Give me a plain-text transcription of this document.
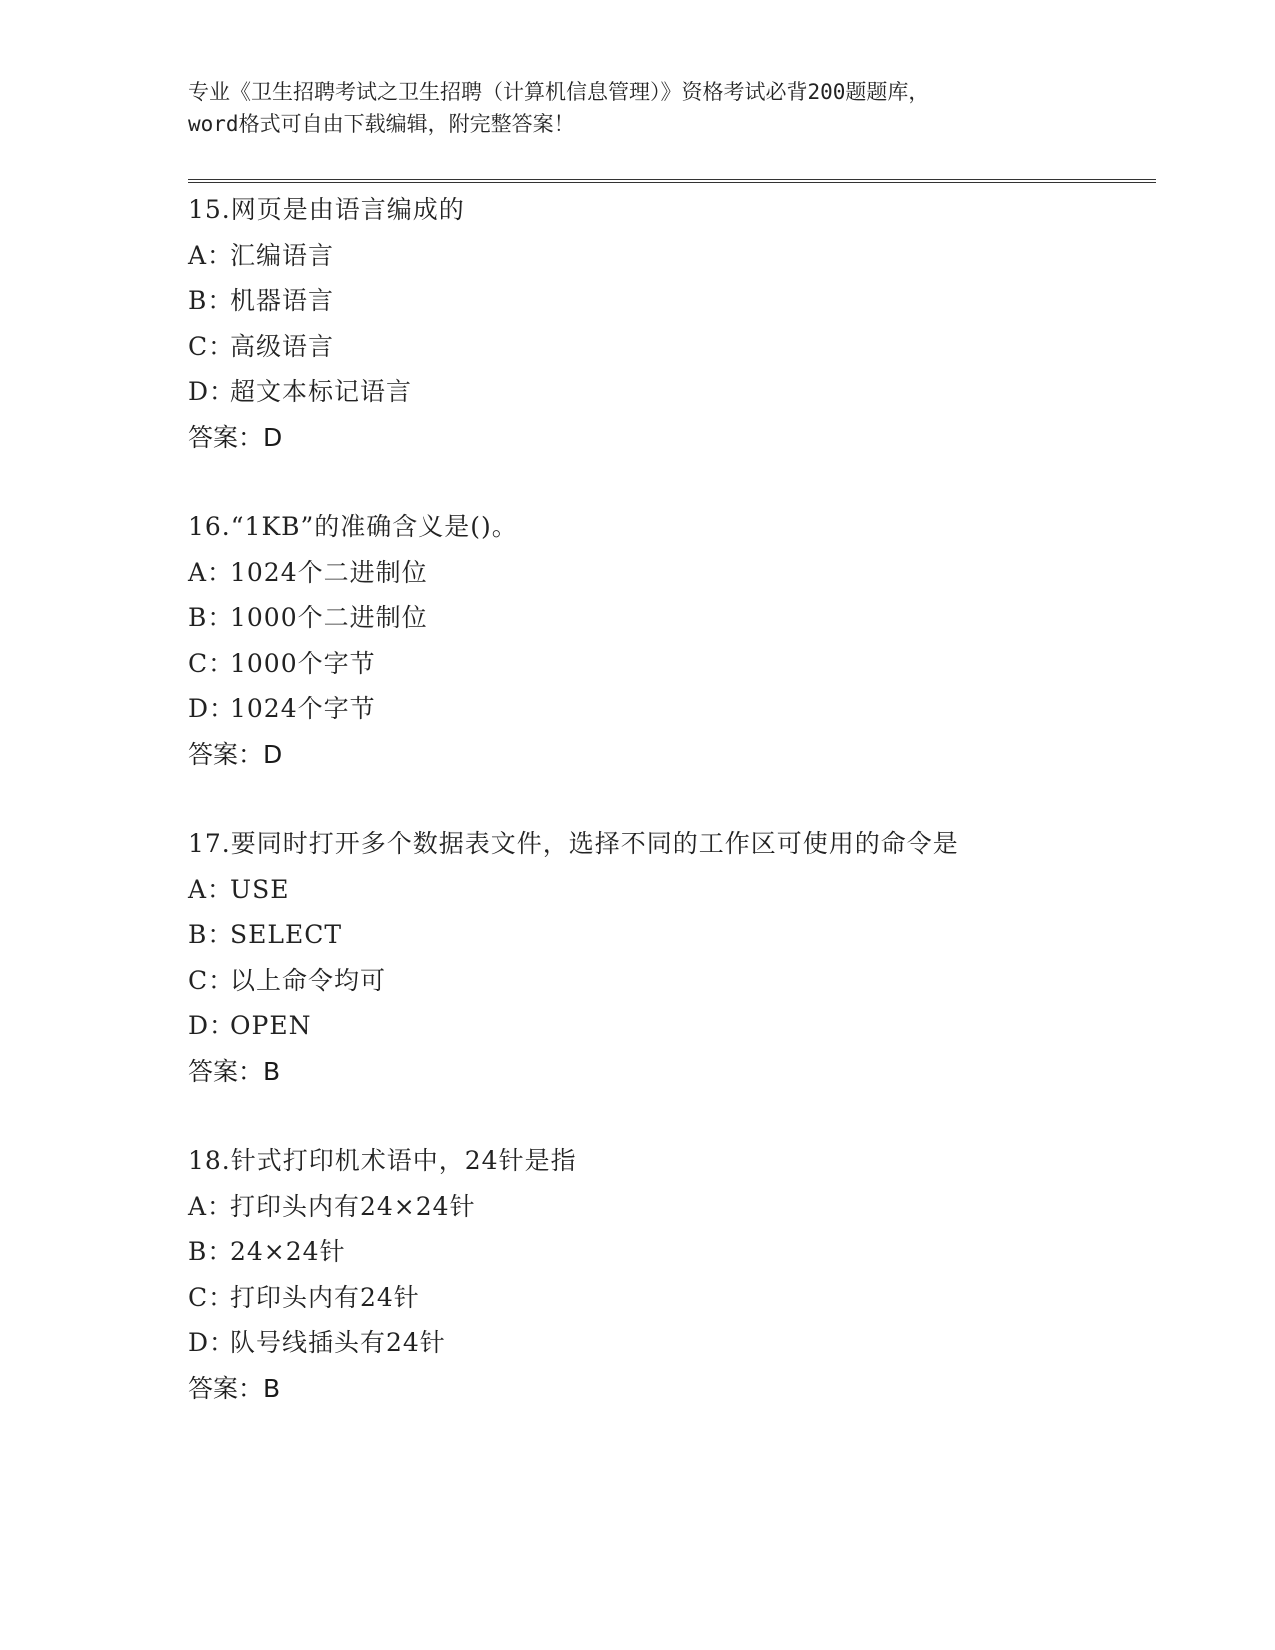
专业《卫生招聘考试之卫生招聘（计算机信息管理）》资格考试必背200题题库，
word格式可自由下载编辑，附完整答案！
15.网页是由语言编成的
A：汇编语言
B：机器语言
C：高级语言
D：超文本标记语言
答案：D
16.“1KB”的准确含义是()。
A：1024个二进制位
B：1000个二进制位
C：1000个字节
D：1024个字节
答案：D
17.要同时打开多个数据表文件，选择不同的工作区可使用的命令是
A：USE
B：SELECT
C：以上命令均可
D：OPEN
答案：B
18.针式打印机术语中，24针是指
A：打印头内有24×24针
B：24×24针
C：打印头内有24针
D：队号线插头有24针
答案：B
